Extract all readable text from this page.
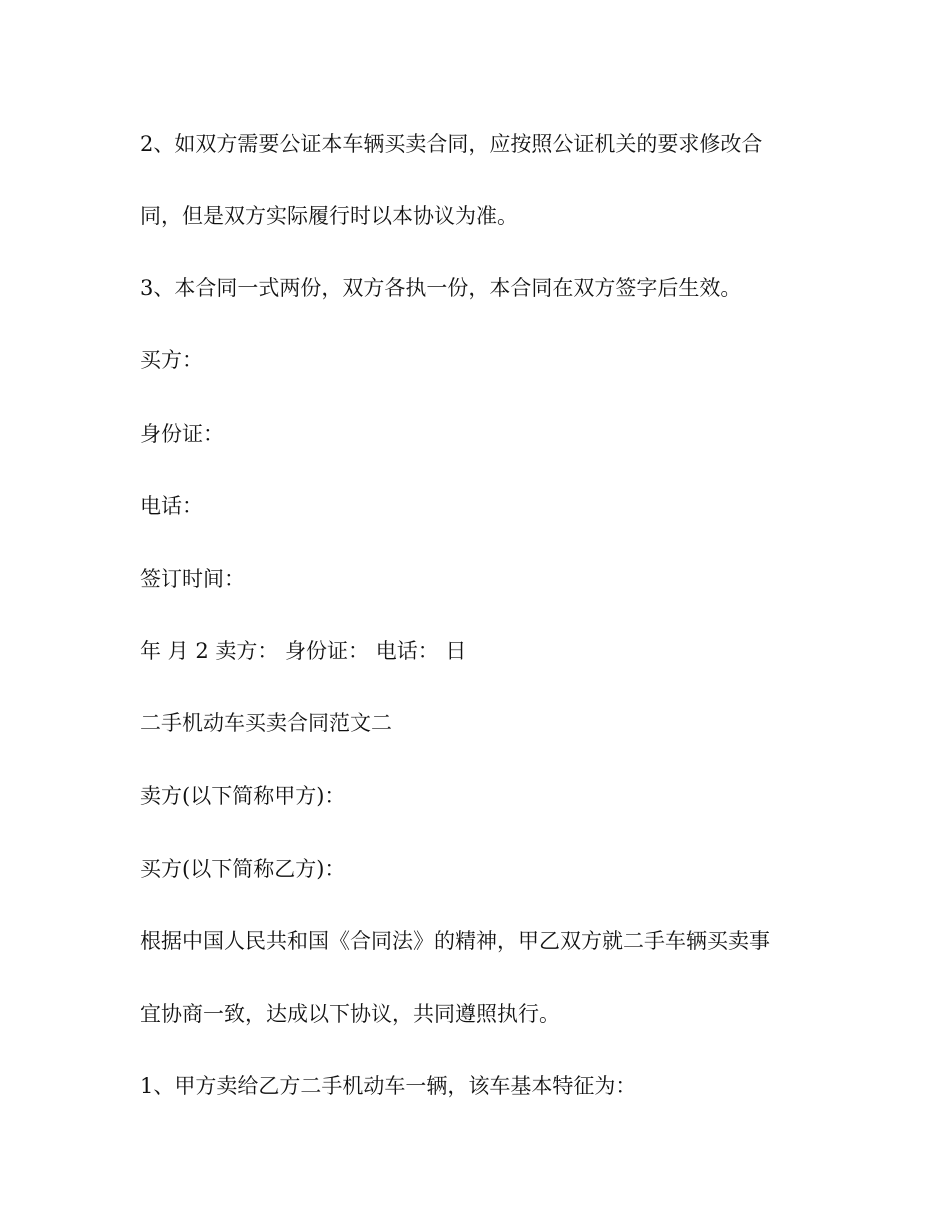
2、如双方需要公证本车辆买卖合同，应按照公证机关的要求修改合

同，但是双方实际履行时以本协议为准。

3、本合同一式两份，双方各执一份，本合同在双方签字后生效。

买方：

身份证：

电话：

签订时间：

年 月 2 卖方： 身份证： 电话： 日

二手机动车买卖合同范文二

卖方(以下简称甲方)：

买方(以下简称乙方)：

根据中国人民共和国《合同法》的精神，甲乙双方就二手车辆买卖事

宜协商一致，达成以下协议，共同遵照执行。

1、甲方卖给乙方二手机动车一辆，该车基本特征为：
